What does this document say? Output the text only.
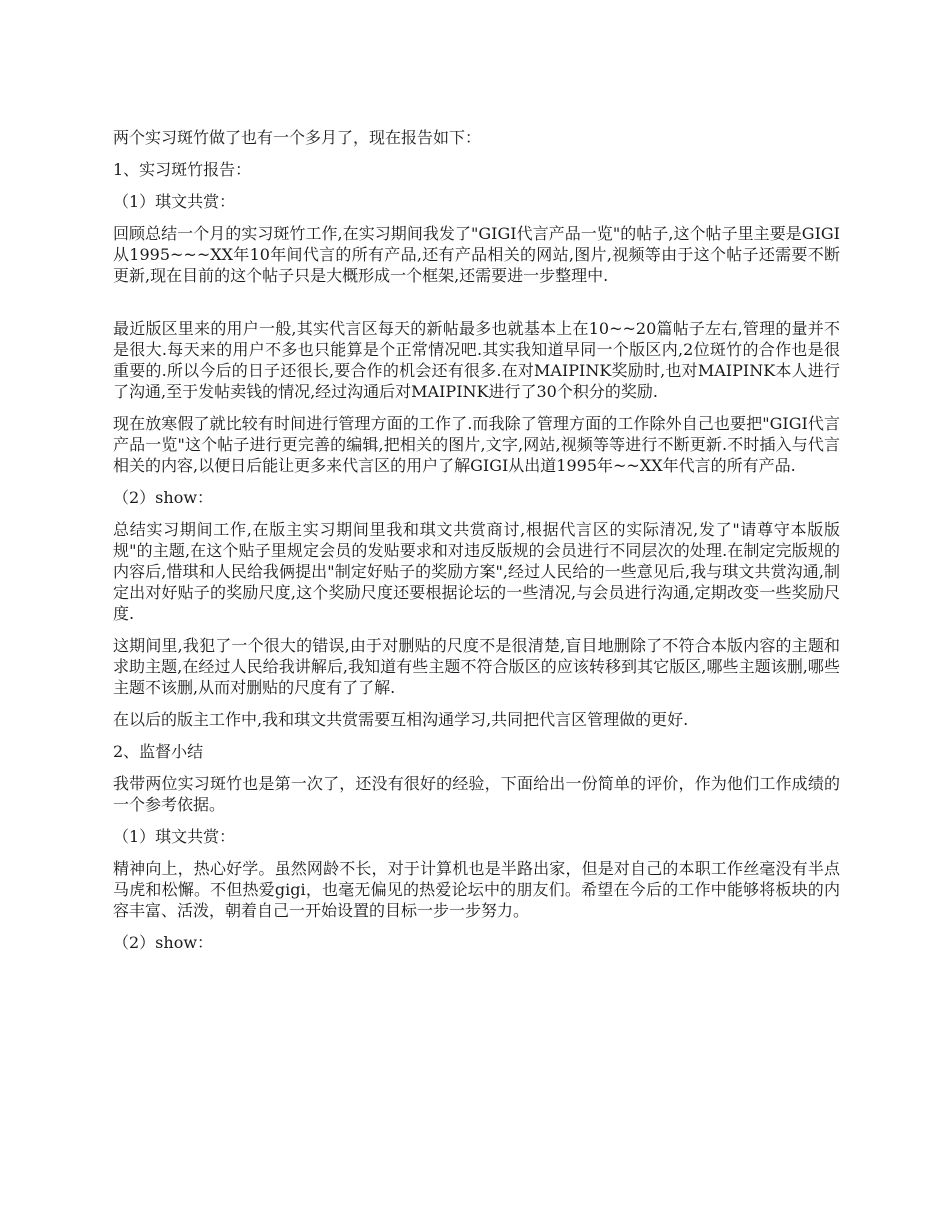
两个实习斑竹做了也有一个多月了，现在报告如下：

1、实习斑竹报告：

（1）琪文共赏：

回顾总结一个月的实习斑竹工作,在实习期间我发了"GIGI代言产品一览"的帖子,这个帖子里主要是GIGI从1995~~~XX年10年间代言的所有产品,还有产品相关的网站,图片,视频等由于这个帖子还需要不断更新,现在目前的这个帖子只是大概形成一个框架,还需要进一步整理中.

最近版区里来的用户一般,其实代言区每天的新帖最多也就基本上在10~~20篇帖子左右,管理的量并不是很大.每天来的用户不多也只能算是个正常情况吧.其实我知道早同一个版区内,2位斑竹的合作也是很重要的.所以今后的日子还很长,要合作的机会还有很多.在对MAIPINK奖励时,也对MAIPINK本人进行了沟通,至于发帖卖钱的情况,经过沟通后对MAIPINK进行了30个积分的奖励.

现在放寒假了就比较有时间进行管理方面的工作了.而我除了管理方面的工作除外自己也要把"GIGI代言产品一览"这个帖子进行更完善的编辑,把相关的图片,文字,网站,视频等等进行不断更新.不时插入与代言相关的内容,以便日后能让更多来代言区的用户了解GIGI从出道1995年~~XX年代言的所有产品.

（2）show：

总结实习期间工作,在版主实习期间里我和琪文共赏商讨,根据代言区的实际清况,发了"请尊守本版版规"的主题,在这个贴子里规定会员的发贴要求和对违反版规的会员进行不同层次的处理.在制定完版规的内容后,惜琪和人民给我俩提出"制定好贴子的奖励方案",经过人民给的一些意见后,我与琪文共赏沟通,制定出对好贴子的奖励尺度,这个奖励尺度还要根据论坛的一些清况,与会员进行沟通,定期改变一些奖励尺度.

这期间里,我犯了一个很大的错误,由于对删贴的尺度不是很清楚,盲目地删除了不符合本版内容的主题和求助主题,在经过人民给我讲解后,我知道有些主题不符合版区的应该转移到其它版区,哪些主题该删,哪些主题不该删,从而对删贴的尺度有了了解.

在以后的版主工作中,我和琪文共赏需要互相沟通学习,共同把代言区管理做的更好.

2、监督小结

我带两位实习斑竹也是第一次了，还没有很好的经验，下面给出一份简单的评价，作为他们工作成绩的一个参考依据。

（1）琪文共赏：

精神向上，热心好学。虽然网龄不长，对于计算机也是半路出家，但是对自己的本职工作丝毫没有半点马虎和松懈。不但热爱gigi，也毫无偏见的热爱论坛中的朋友们。希望在今后的工作中能够将板块的内容丰富、活泼，朝着自己一开始设置的目标一步一步努力。

（2）show：
